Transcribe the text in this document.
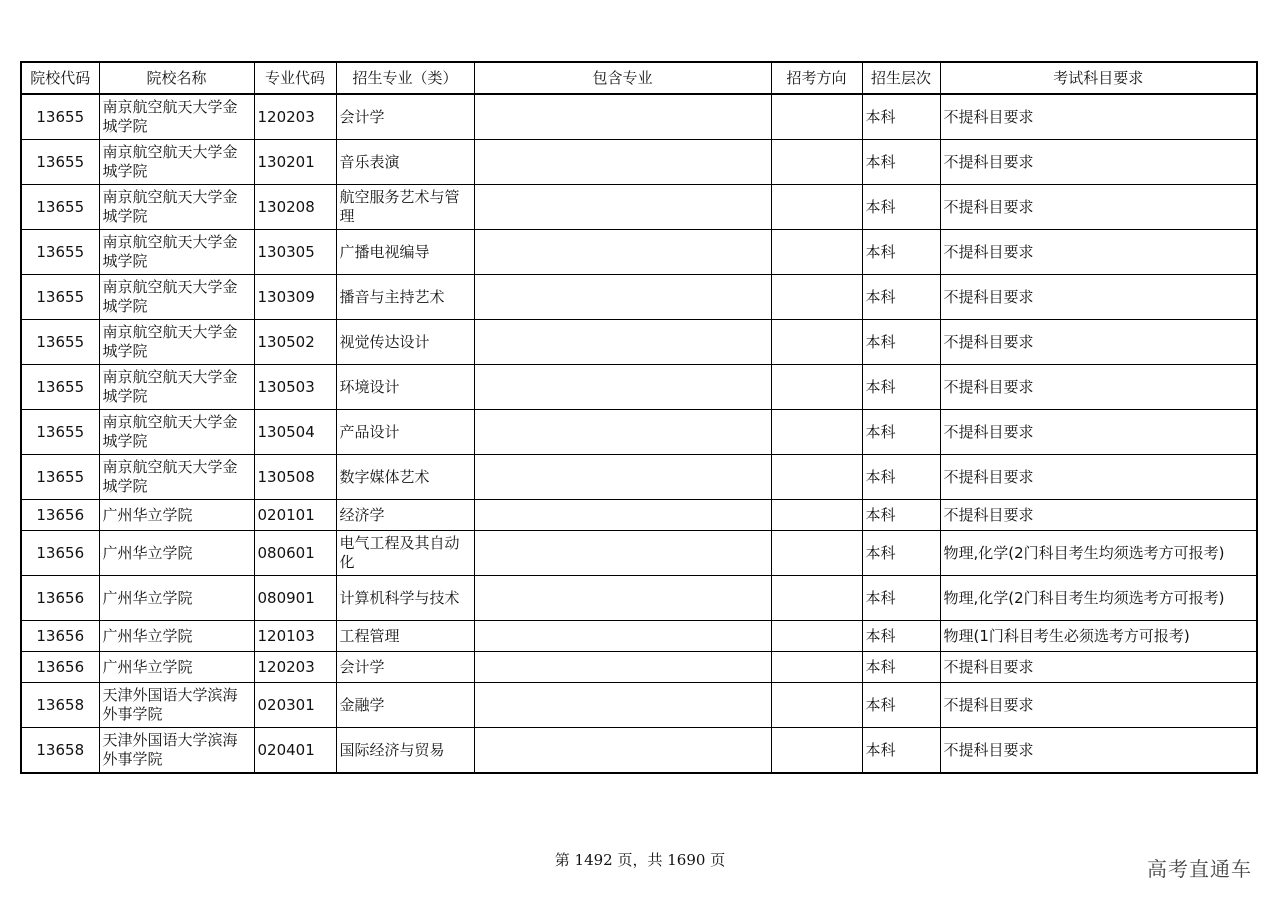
院校代码	院校名称	专业代码	招生专业（类）	包含专业	招考方向	招生层次	考试科目要求
13655	南京航空航天大学金城学院	120203	会计学			本科	不提科目要求
13655	南京航空航天大学金城学院	130201	音乐表演			本科	不提科目要求
13655	南京航空航天大学金城学院	130208	航空服务艺术与管理			本科	不提科目要求
13655	南京航空航天大学金城学院	130305	广播电视编导			本科	不提科目要求
13655	南京航空航天大学金城学院	130309	播音与主持艺术			本科	不提科目要求
13655	南京航空航天大学金城学院	130502	视觉传达设计			本科	不提科目要求
13655	南京航空航天大学金城学院	130503	环境设计			本科	不提科目要求
13655	南京航空航天大学金城学院	130504	产品设计			本科	不提科目要求
13655	南京航空航天大学金城学院	130508	数字媒体艺术			本科	不提科目要求
13656	广州华立学院	020101	经济学			本科	不提科目要求
13656	广州华立学院	080601	电气工程及其自动化			本科	物理,化学(2门科目考生均须选考方可报考)
13656	广州华立学院	080901	计算机科学与技术			本科	物理,化学(2门科目考生均须选考方可报考)
13656	广州华立学院	120103	工程管理			本科	物理(1门科目考生必须选考方可报考)
13656	广州华立学院	120203	会计学			本科	不提科目要求
13658	天津外国语大学滨海外事学院	020301	金融学			本科	不提科目要求
13658	天津外国语大学滨海外事学院	020401	国际经济与贸易			本科	不提科目要求
第 1492 页，共 1690 页	高考直通车
